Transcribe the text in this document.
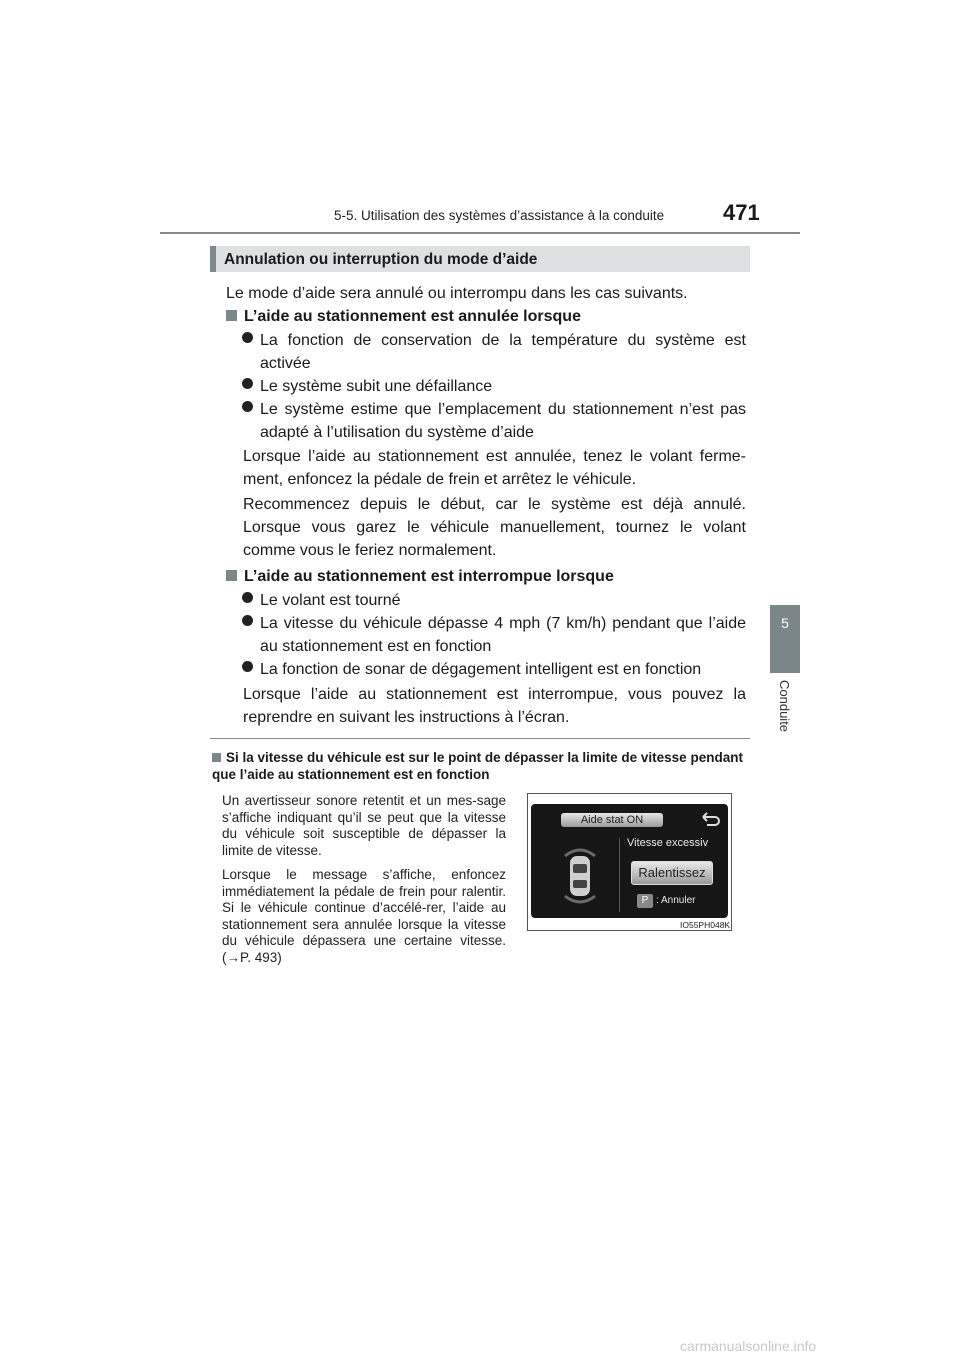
5-5. Utilisation des systèmes d’assistance à la conduite	471
5
Conduite
Annulation ou interruption du mode d’aide
Le mode d’aide sera annulé ou interrompu dans les cas suivants.
L’aide au stationnement est annulée lorsque
La fonction de conservation de la température du système est activée
Le système subit une défaillance
Le système estime que l’emplacement du stationnement n’est pas adapté à l’utilisation du système d’aide
Lorsque l’aide au stationnement est annulée, tenez le volant ferme-ment, enfoncez la pédale de frein et arrêtez le véhicule.
Recommencez depuis le début, car le système est déjà annulé. Lorsque vous garez le véhicule manuellement, tournez le volant comme vous le feriez normalement.
L’aide au stationnement est interrompue lorsque
Le volant est tourné
La vitesse du véhicule dépasse 4 mph (7 km/h) pendant que l’aide au stationnement est en fonction
La fonction de sonar de dégagement intelligent est en fonction
Lorsque l’aide au stationnement est interrompue, vous pouvez la reprendre en suivant les instructions à l’écran.
Si la vitesse du véhicule est sur le point de dépasser la limite de vitesse pendant que l’aide au stationnement est en fonction
Un avertisseur sonore retentit et un mes-sage s’affiche indiquant qu’il se peut que la vitesse du véhicule soit susceptible de dépasser la limite de vitesse.
Lorsque le message s’affiche, enfoncez immédiatement la pédale de frein pour ralentir. Si le véhicule continue d’accélé-rer, l’aide au stationnement sera annulée lorsque la vitesse du véhicule dépassera une certaine vitesse. (→P. 493)
Aide stat ON
Vitesse excessiv
Ralentissez
P : Annuler
IO55PH048K
carmanualsonline.info
